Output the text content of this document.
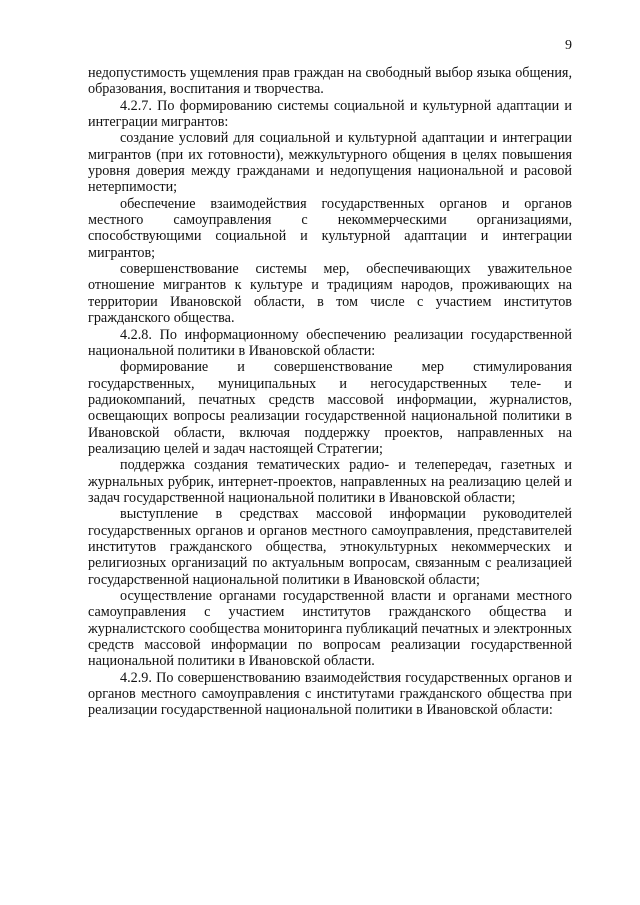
9

недопустимость ущемления прав граждан на свободный выбор языка общения, образования, воспитания и творчества.

4.2.7. По формированию системы социальной и культурной адаптации и интеграции мигрантов:

создание условий для социальной и культурной адаптации и интеграции мигрантов (при их готовности), межкультурного общения в целях повышения уровня доверия между гражданами и недопущения национальной и расовой нетерпимости;

обеспечение взаимодействия государственных органов и органов местного самоуправления с некоммерческими организациями, способствующими социальной и культурной адаптации и интеграции мигрантов;

совершенствование системы мер, обеспечивающих уважительное отношение мигрантов к культуре и традициям народов, проживающих на территории Ивановской области, в том числе с участием институтов гражданского общества.

4.2.8. По информационному обеспечению реализации государственной национальной политики в Ивановской области:

формирование и совершенствование мер стимулирования государственных, муниципальных и негосударственных теле- и радиокомпаний, печатных средств массовой информации, журналистов, освещающих вопросы реализации государственной национальной политики в Ивановской области, включая поддержку проектов, направленных на реализацию целей и задач настоящей Стратегии;

поддержка создания тематических радио- и телепередач, газетных и журнальных рубрик, интернет-проектов, направленных на реализацию целей и задач государственной национальной политики в Ивановской области;

выступление в средствах массовой информации руководителей государственных органов и органов местного самоуправления, представителей институтов гражданского общества, этнокультурных некоммерческих и религиозных организаций по актуальным вопросам, связанным с реализацией государственной национальной политики в Ивановской области;

осуществление органами государственной власти и органами местного самоуправления с участием институтов гражданского общества и журналистского сообщества мониторинга публикаций печатных и электронных средств массовой информации по вопросам реализации государственной национальной политики в Ивановской области.

4.2.9. По совершенствованию взаимодействия государственных органов и органов местного самоуправления с институтами гражданского общества при реализации государственной национальной политики в Ивановской области:
